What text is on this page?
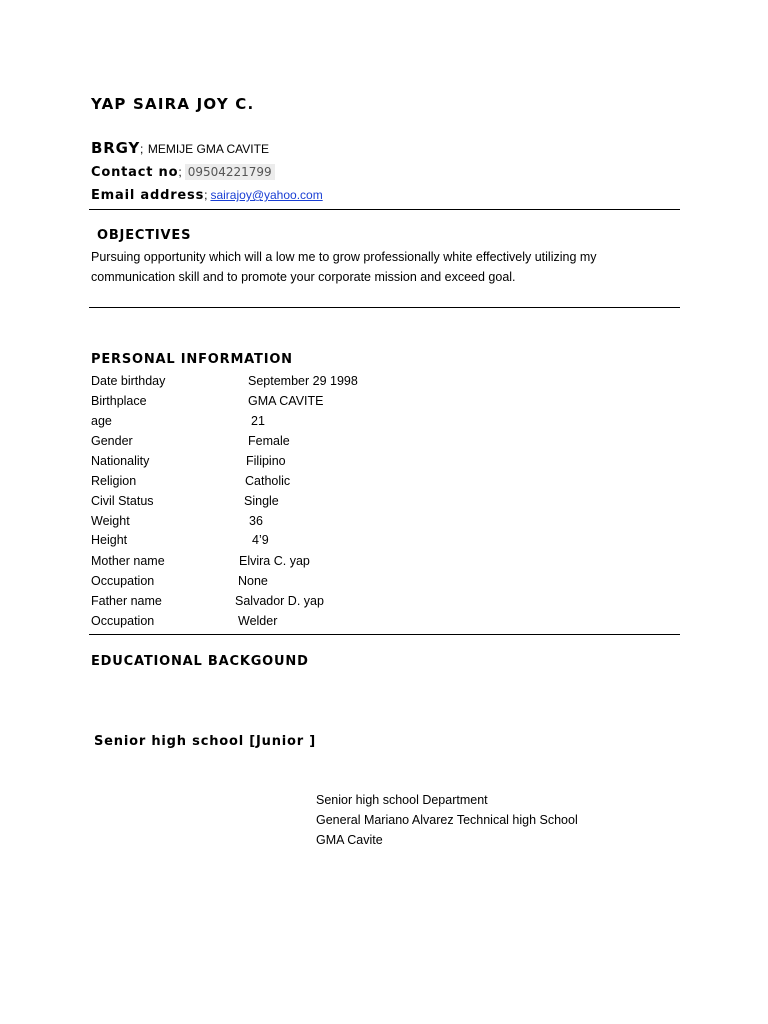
YAP SAIRA JOY C.
BRGY; MEMIJE GMA CAVITE
Contact no; 09504221799
Email address; sairajoy@yahoo.com
OBJECTIVES
Pursuing opportunity which will a low me to grow professionally white effectively utilizing my communication skill and to promote your corporate mission and exceed goal.
PERSONAL INFORMATION
Date birthday	September 29 1998
Birthplace	GMA CAVITE
age	21
Gender	Female
Nationality	Filipino
Religion	Catholic
Civil Status	Single
Weight	36
Height	4’9
Mother name	Elvira C. yap
Occupation	None
Father name	Salvador D. yap
Occupation	Welder
EDUCATIONAL BACKGOUND
Senior high school [Junior ]
Senior high school Department
General Mariano Alvarez Technical high School
GMA Cavite
